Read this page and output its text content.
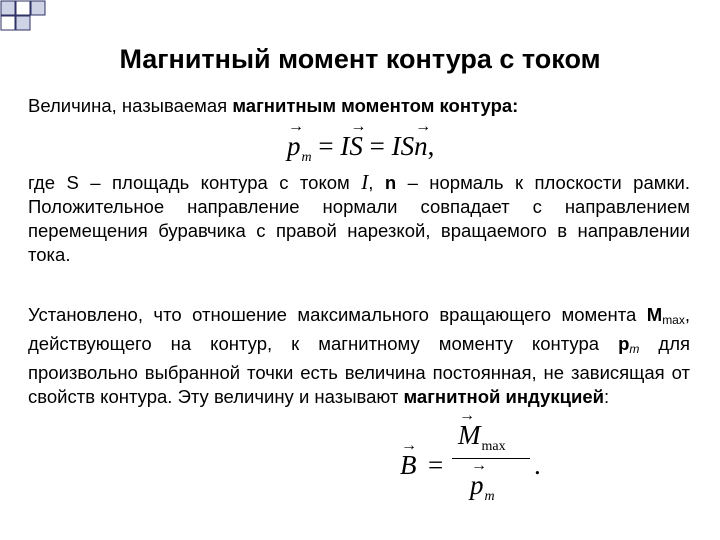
Магнитный момент контура с током
Величина, называемая магнитным моментом контура:
→
$p_m = I$
→
S = IS
→
n,
где S – площадь контура с током I, n – нормаль к плоскости рамки. Положительное направление нормали совпадает с направлением перемещения буравчика с правой нарезкой, вращаемого в направлении тока.
Установлено, что отношение максимального вращающего момента $M_{max}$, действующего на контур, к магнитному моменту контура $p_m$ для произвольно выбранной точки есть величина постоянная, не зависящая от свойств контура. Эту величину и называют магнитной индукцией:
→
B =
→
$M_{max}$
→
$p_m$
.
